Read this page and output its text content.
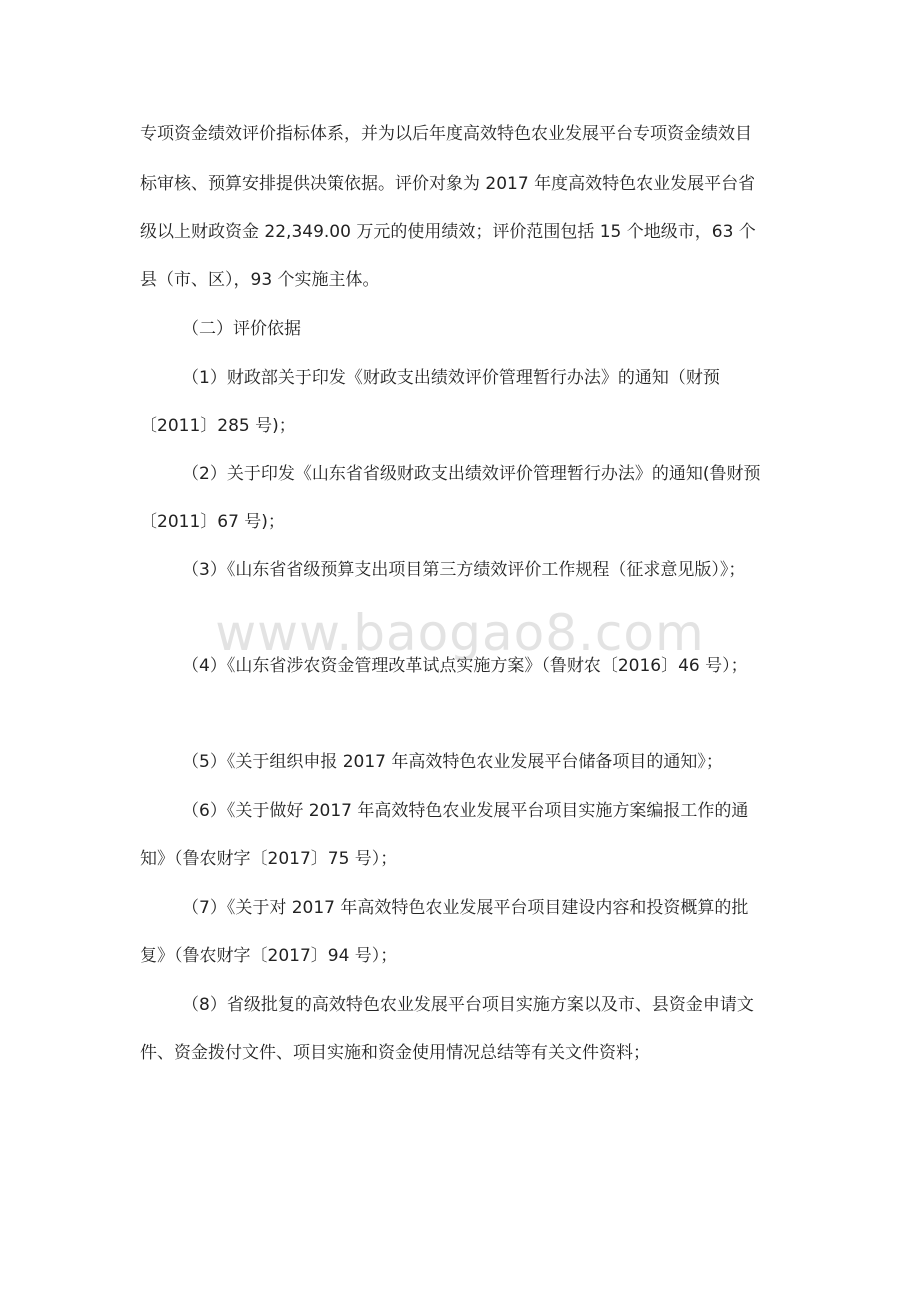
专项资金绩效评价指标体系，并为以后年度高效特色农业发展平台专项资金绩效目
标审核、预算安排提供决策依据。评价对象为 2017 年度高效特色农业发展平台省
级以上财政资金 22,349.00 万元的使用绩效；评价范围包括 15 个地级市，63 个
县（市、区），93 个实施主体。
（二）评价依据
（1）财政部关于印发《财政支出绩效评价管理暂行办法》的通知（财预
〔2011〕285 号)；
（2）关于印发《山东省省级财政支出绩效评价管理暂行办法》的通知(鲁财预
〔2011〕67 号)；
（3）《山东省省级预算支出项目第三方绩效评价工作规程（征求意见版）》；
www.baogao8.com
（4）《山东省涉农资金管理改革试点实施方案》（鲁财农〔2016〕46 号）；
（5）《关于组织申报 2017 年高效特色农业发展平台储备项目的通知》；
（6）《关于做好 2017 年高效特色农业发展平台项目实施方案编报工作的通
知》（鲁农财字〔2017〕75 号）；
（7）《关于对 2017 年高效特色农业发展平台项目建设内容和投资概算的批
复》（鲁农财字〔2017〕94 号）；
（8）省级批复的高效特色农业发展平台项目实施方案以及市、县资金申请文
件、资金拨付文件、项目实施和资金使用情况总结等有关文件资料；
